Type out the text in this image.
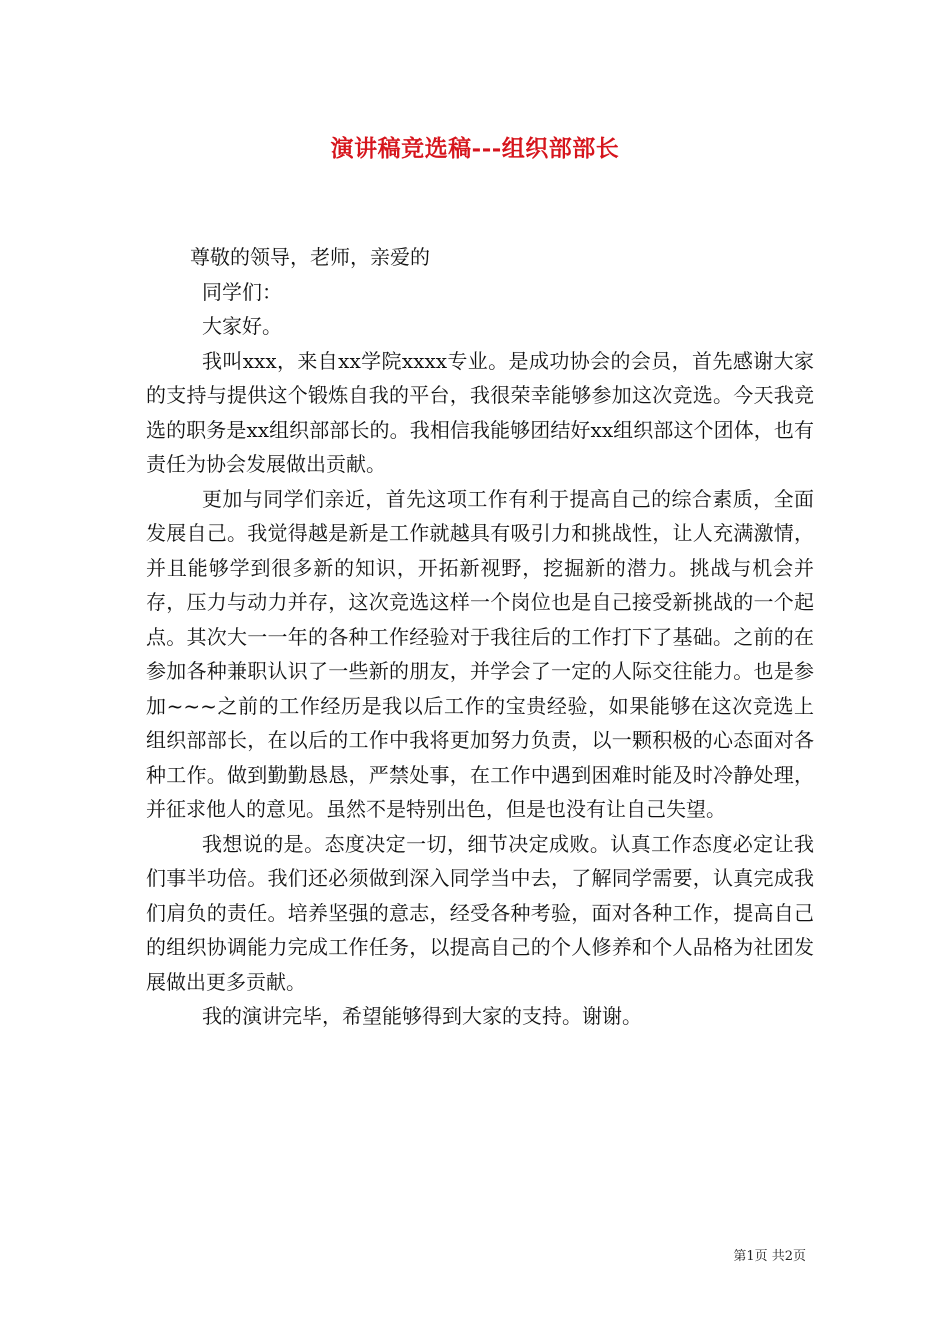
演讲稿竞选稿---组织部部长
尊敬的领导，老师，亲爱的
同学们：
大家好。

我叫xxx，来自xx学院xxxx专业。是成功协会的会员，首先感谢大家的支持与提供这个锻炼自我的平台，我很荣幸能够参加这次竞选。今天我竞选的职务是xx组织部部长的。我相信我能够团结好xx组织部这个团体，也有责任为协会发展做出贡献。

更加与同学们亲近，首先这项工作有利于提高自己的综合素质，全面发展自己。我觉得越是新是工作就越具有吸引力和挑战性，让人充满激情，并且能够学到很多新的知识，开拓新视野，挖掘新的潜力。挑战与机会并存，压力与动力并存，这次竞选这样一个岗位也是自己接受新挑战的一个起点。其次大一一年的各种工作经验对于我往后的工作打下了基础。之前的在参加各种兼职认识了一些新的朋友，并学会了一定的人际交往能力。也是参加~~~之前的工作经历是我以后工作的宝贵经验，如果能够在这次竞选上组织部部长，在以后的工作中我将更加努力负责，以一颗积极的心态面对各种工作。做到勤勤恳恳，严禁处事，在工作中遇到困难时能及时冷静处理，并征求他人的意见。虽然不是特别出色，但是也没有让自己失望。

我想说的是。态度决定一切，细节决定成败。认真工作态度必定让我们事半功倍。我们还必须做到深入同学当中去，了解同学需要，认真完成我们肩负的责任。培养坚强的意志，经受各种考验，面对各种工作，提高自己的组织协调能力完成工作任务，以提高自己的个人修养和个人品格为社团发展做出更多贡献。

我的演讲完毕，希望能够得到大家的支持。谢谢。

第1页 共2页
